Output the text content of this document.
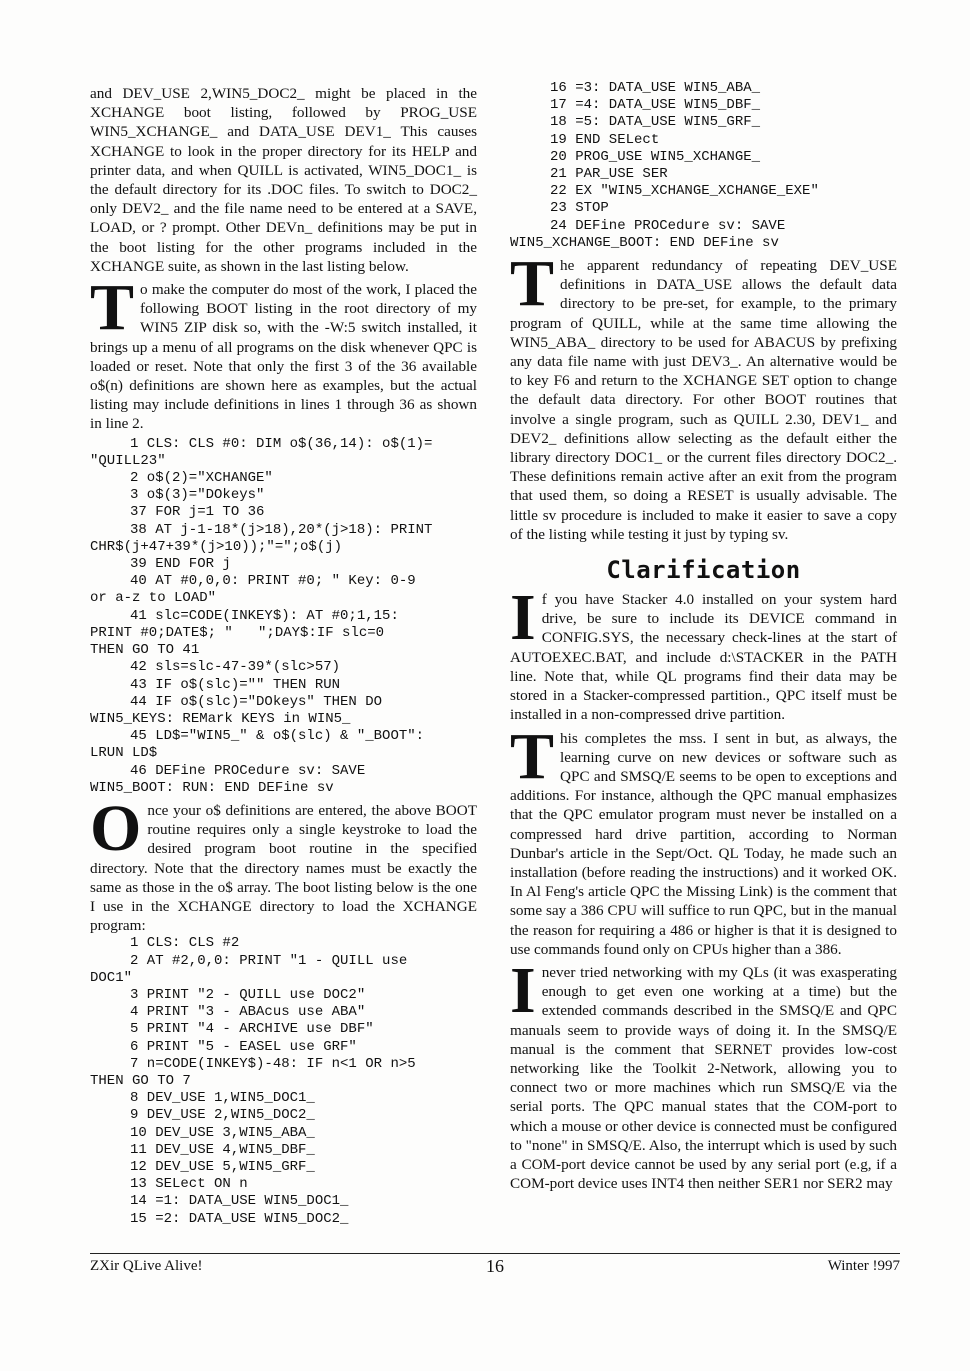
and DEV_USE 2,WIN5_DOC2_ might be placed in the XCHANGE boot listing, followed by PROG_USE WIN5_XCHANGE_ and DATA_USE DEV1_ This causes XCHANGE to look in the proper directory for its HELP and printer data, and when QUILL is activated, WIN5_DOC1_ is the default directory for its .DOC files. To switch to DOC2_ only DEV2_ and the file name need to be entered at a SAVE, LOAD, or ? prompt. Other DEVn_ definitions may be put in the boot listing for the other programs included in the XCHANGE suite, as shown in the last listing below.

T o make the computer do most of the work, I placed the following BOOT listing in the root directory of my WIN5 ZIP disk so, with the -W:5 switch installed, it brings up a menu of all programs on the disk whenever QPC is loaded or reset. Note that only the first 3 of the 36 available o$(n) definitions are shown here as examples, but the actual listing may include definitions in lines 1 through 36 as shown in line 2.

1 CLS: CLS #0: DIM o$(36,14): o$(1)=
"QUILL23"
2 o$(2)="XCHANGE"
3 o$(3)="DOkeys"
37 FOR j=1 TO 36
38 AT j-1-18*(j>18),20*(j>18): PRINT
CHR$(j+47+39*(j>10));"=";o$(j)
39 END FOR j
40 AT #0,0,0: PRINT #0; " Key: 0-9
or a-z to LOAD"
41 slc=CODE(INKEY$): AT #0;1,15:
PRINT #0;DATE$; "   ";DAY$:IF slc=0
THEN GO TO 41
42 sls=slc-47-39*(slc>57)
43 IF o$(slc)="" THEN RUN
44 IF o$(slc)="DOkeys" THEN DO
WIN5_KEYS: REMark KEYS in WIN5_
45 LD$="WIN5_" & o$(slc) & "_BOOT":
LRUN LD$
46 DEFine PROCedure sv: SAVE
WIN5_BOOT: RUN: END DEFine sv
O nce your o$ definitions are entered, the above BOOT routine requires only a single keystroke to load the desired program boot routine in the specified directory. Note that the directory names must be exactly the same as those in the o$ array. The boot listing below is the one I use in the XCHANGE directory to load the XCHANGE program:

1 CLS: CLS #2
2 AT #2,0,0: PRINT "1 - QUILL use
DOC1"
3 PRINT "2 - QUILL use DOC2"
4 PRINT "3 - ABAcus use ABA"
5 PRINT "4 - ARCHIVE use DBF"
6 PRINT "5 - EASEL use GRF"
7 n=CODE(INKEY$)-48: IF n<1 OR n>5
THEN GO TO 7
8 DEV_USE 1,WIN5_DOC1_
9 DEV_USE 2,WIN5_DOC2_
10 DEV_USE 3,WIN5_ABA_
11 DEV_USE 4,WIN5_DBF_
12 DEV_USE 5,WIN5_GRF_
13 SELect ON n
14 =1: DATA_USE WIN5_DOC1_
15 =2: DATA_USE WIN5_DOC2_
16 =3: DATA_USE WIN5_ABA_
17 =4: DATA_USE WIN5_DBF_
18 =5: DATA_USE WIN5_GRF_
19 END SELect
20 PROG_USE WIN5_XCHANGE_
21 PAR_USE SER
22 EX "WIN5_XCHANGE_XCHANGE_EXE"
23 STOP
24 DEFine PROCedure sv: SAVE
WIN5_XCHANGE_BOOT: END DEFine sv
T he apparent redundancy of repeating DEV_USE definitions in DATA_USE allows the default data directory to be pre-set, for example, to the primary program of QUILL, while at the same time allowing the WIN5_ABA_ directory to be used for ABACUS by prefixing any data file name with just DEV3_. An alternative would be to key F6 and return to the XCHANGE SET option to change the default data directory. For other BOOT routines that involve a single program, such as QUILL 2.30, DEV1_ and DEV2_ definitions allow selecting as the default either the library directory DOC1_ or the current files directory DOC2_. These definitions remain active after an exit from the program that used them, so doing a RESET is usually advisable. The little sv procedure is included to make it easier to save a copy of the listing while testing it just by typing sv.

Clarification
I f you have Stacker 4.0 installed on your system hard drive, be sure to include its DEVICE command in CONFIG.SYS, the necessary check-lines at the start of AUTOEXEC.BAT, and include d:\STACKER in the PATH line. Note that, while QL programs find their data may be stored in a Stacker-compressed partition., QPC itself must be installed in a non-compressed drive partition.

T his completes the mss. I sent in but, as always, the learning curve on new devices or software such as QPC and SMSQ/E seems to be open to exceptions and additions. For instance, although the QPC manual emphasizes that the QPC emulator program must never be installed on a compressed hard drive partition, according to Norman Dunbar's article in the Sept/Oct. QL Today, he made such an installation (before reading the instructions) and it worked OK. In Al Feng's article QPC the Missing Link) is the comment that some say a 386 CPU will suffice to run QPC, but in the manual the reason for requiring a 486 or higher is that it is designed to use commands found only on CPUs higher than a 386.

I never tried networking with my QLs (it was exasperating enough to get even one working at a time) but the extended commands described in the SMSQ/E and QPC manuals seem to provide ways of doing it. In the SMSQ/E manual is the comment that SERNET provides low-cost networking like the Toolkit 2-Network, allowing you to connect two or more machines which run SMSQ/E via the serial ports. The QPC manual states that the COM-port to which a mouse or other device is connected must be configured to "none" in SMSQ/E. Also, the interrupt which is used by such a COM-port device cannot be used by any serial port (e.g, if a COM-port device uses INT4 then neither SER1 nor SER2 may

ZXir QLive Alive!	16	Winter !997
